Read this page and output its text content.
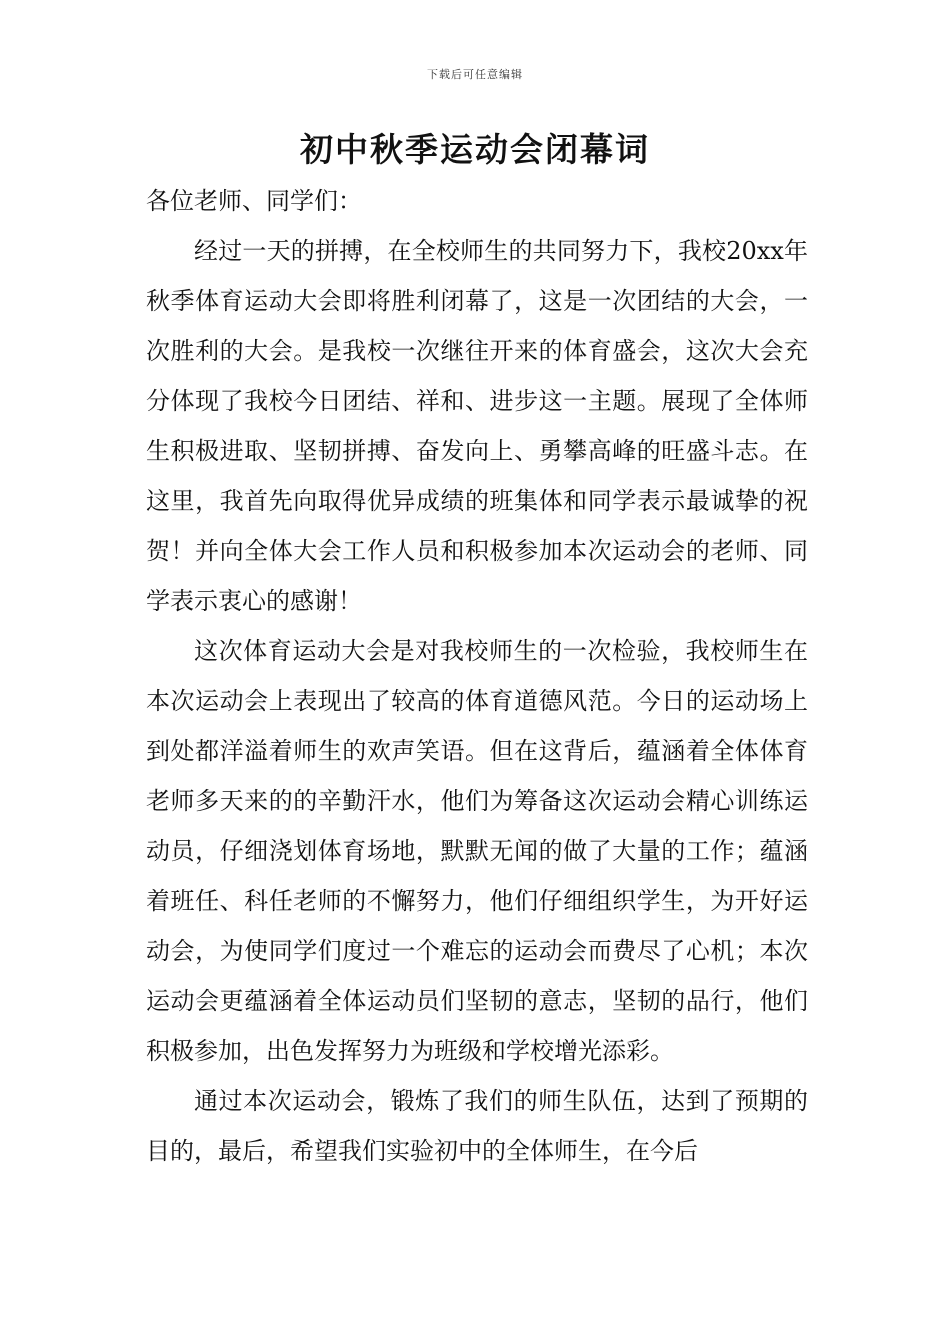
下载后可任意编辑
初中秋季运动会闭幕词

各位老师、同学们：

经过一天的拼搏，在全校师生的共同努力下，我校20xx年秋季体育运动大会即将胜利闭幕了，这是一次团结的大会，一次胜利的大会。是我校一次继往开来的体育盛会，这次大会充分体现了我校今日团结、祥和、进步这一主题。展现了全体师生积极进取、坚韧拼搏、奋发向上、勇攀高峰的旺盛斗志。在这里，我首先向取得优异成绩的班集体和同学表示最诚挚的祝贺！并向全体大会工作人员和积极参加本次运动会的老师、同学表示衷心的感谢！

这次体育运动大会是对我校师生的一次检验，我校师生在本次运动会上表现出了较高的体育道德风范。今日的运动场上到处都洋溢着师生的欢声笑语。但在这背后，蕴涵着全体体育老师多天来的的辛勤汗水，他们为筹备这次运动会精心训练运动员，仔细浇划体育场地，默默无闻的做了大量的工作；蕴涵着班任、科任老师的不懈努力，他们仔细组织学生，为开好运动会，为使同学们度过一个难忘的运动会而费尽了心机；本次运动会更蕴涵着全体运动员们坚韧的意志，坚韧的品行，他们积极参加，出色发挥努力为班级和学校增光添彩。

通过本次运动会，锻炼了我们的师生队伍，达到了预期的目的，最后，希望我们实验初中的全体师生，在今后
